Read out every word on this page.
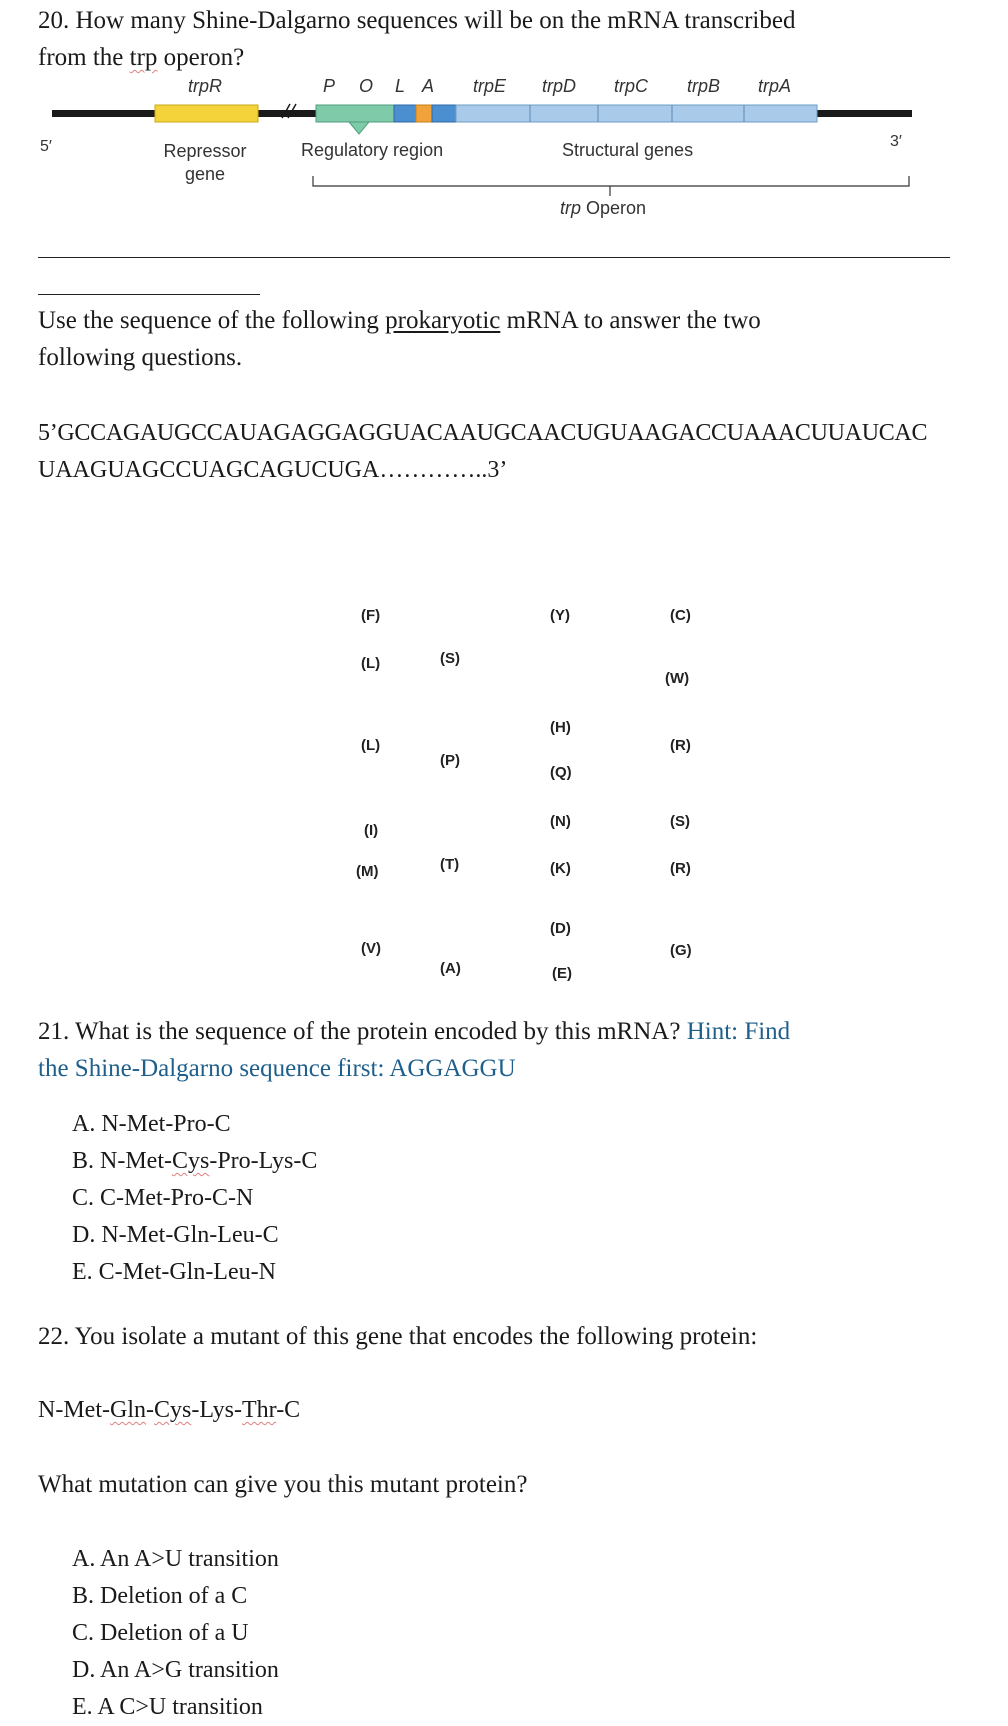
20. How many Shine-Dalgarno sequences will be on the mRNA transcribed
from the trp operon?
trpR	P O L A trpE trpD trpC trpB trpA
5′	3′
Repressor
gene
Regulatory region	Structural genes
trp Operon
Use the sequence of the following prokaryotic mRNA to answer the two
following questions.
5’GCCAGAUGCCAUAGAGGAGGUACAAUGCAACUGUAAGACCUAAACUUAUCAC
UAAGUAGCCUAGCAGUCUGA…………..3’
(F)
(L)
(L)
(I)
(M)
(V)
(S)
(P)
(T)
(A)
(Y)
(H)
(Q)
(N)
(K)
(D)
(E)
(C)
(W)
(R)
(S)
(R)
(G)
21. What is the sequence of the protein encoded by this mRNA? Hint: Find
the Shine-Dalgarno sequence first: AGGAGGU
A. N-Met-Pro-C
B. N-Met-Cys-Pro-Lys-C
C. C-Met-Pro-C-N
D. N-Met-Gln-Leu-C
E. C-Met-Gln-Leu-N
22. You isolate a mutant of this gene that encodes the following protein:
N-Met-Gln-Cys-Lys-Thr-C
What mutation can give you this mutant protein?
A. An A>U transition
B. Deletion of a C
C. Deletion of a U
D. An A>G transition
E. A C>U transition
